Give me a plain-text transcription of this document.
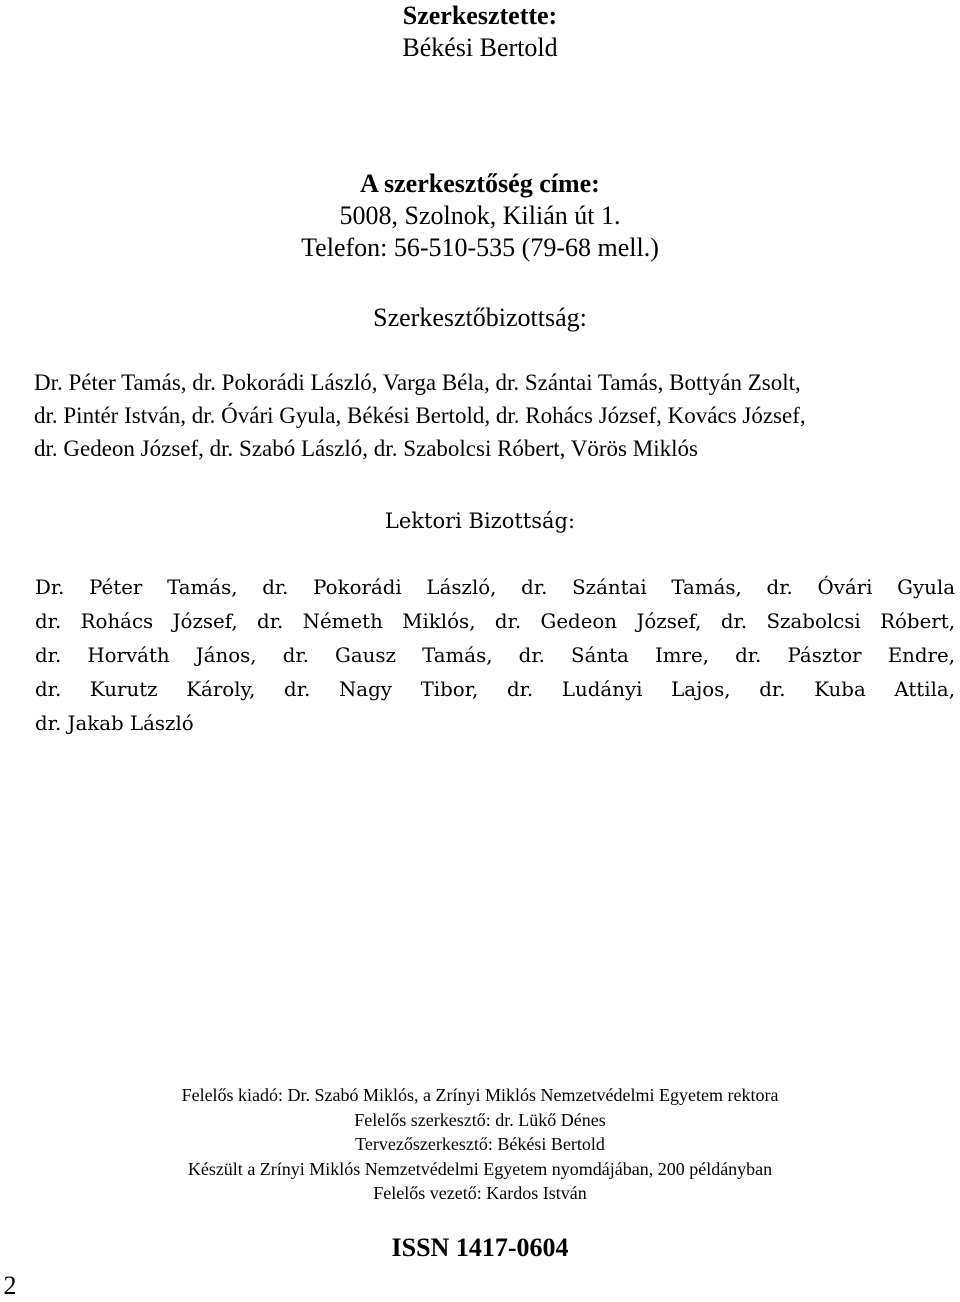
Szerkesztette:
Békési Bertold
A szerkesztőség címe:
5008, Szolnok, Kilián út 1.
Telefon: 56-510-535 (79-68 mell.)
Szerkesztőbizottság:
Dr. Péter Tamás, dr. Pokorádi László, Varga Béla, dr. Szántai Tamás, Bottyán Zsolt,
dr. Pintér István, dr. Óvári Gyula, Békési Bertold, dr. Rohács József, Kovács József,
dr. Gedeon József, dr. Szabó László, dr. Szabolcsi Róbert, Vörös Miklós
Lektori Bizottság:
Dr. Péter Tamás, dr. Pokorádi László, dr. Szántai Tamás, dr. Óvári Gyula
dr. Rohács József, dr. Németh Miklós, dr. Gedeon József, dr. Szabolcsi Róbert,
dr. Horváth János, dr. Gausz Tamás, dr. Sánta Imre, dr. Pásztor Endre,
dr. Kurutz Károly, dr. Nagy Tibor, dr. Ludányi Lajos, dr. Kuba Attila,
dr. Jakab László
Felelős kiadó: Dr. Szabó Miklós, a Zrínyi Miklós Nemzetvédelmi Egyetem rektora
Felelős szerkesztő: dr. Lükő Dénes
Tervezőszerkesztő: Békési Bertold
Készült a Zrínyi Miklós Nemzetvédelmi Egyetem nyomdájában, 200 példányban
Felelős vezető: Kardos István
ISSN 1417-0604
2
